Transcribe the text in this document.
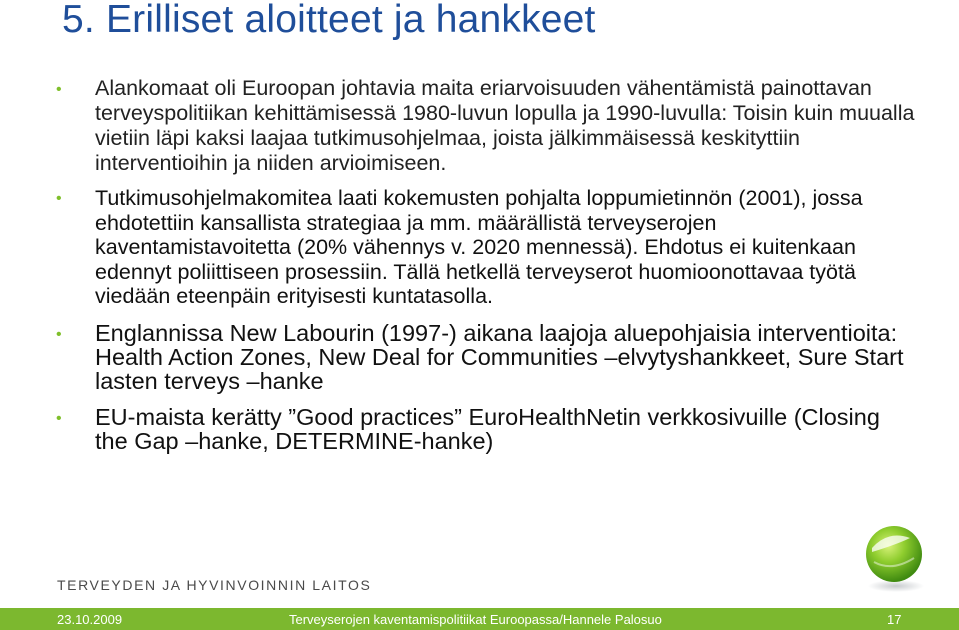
5. Erilliset aloitteet ja hankkeet
• Alankomaat oli Euroopan johtavia maita eriarvoisuuden vähentämistä painottavan terveyspolitiikan kehittämisessä 1980-luvun lopulla ja 1990-luvulla: Toisin kuin muualla vietiin läpi kaksi laajaa tutkimusohjelmaa, joista jälkimmäisessä keskityttiin interventioihin ja niiden arvioimiseen.
• Tutkimusohjelmakomitea laati kokemusten pohjalta loppumietinnön (2001), jossa ehdotettiin kansallista strategiaa ja mm. määrällistä terveyserojen kaventamistavoitetta (20% vähennys v. 2020 mennessä). Ehdotus ei kuitenkaan edennyt poliittiseen prosessiin. Tällä hetkellä terveyserot huomioonottavaa työtä viedään eteenpäin erityisesti kuntatasolla.
• Englannissa New Labourin (1997-) aikana laajoja aluepohjaisia interventioita: Health Action Zones, New Deal for Communities –elvytyshankkeet, Sure Start lasten terveys –hanke
• EU-maista kerätty ”Good practices” EuroHealthNetin verkkosivuille (Closing the Gap –hanke, DETERMINE-hanke)
TERVEYDEN JA HYVINVOINNIN LAITOS
23.10.2009	Terveyserojen kaventamispolitiikat Euroopassa/Hannele Palosuo	17
